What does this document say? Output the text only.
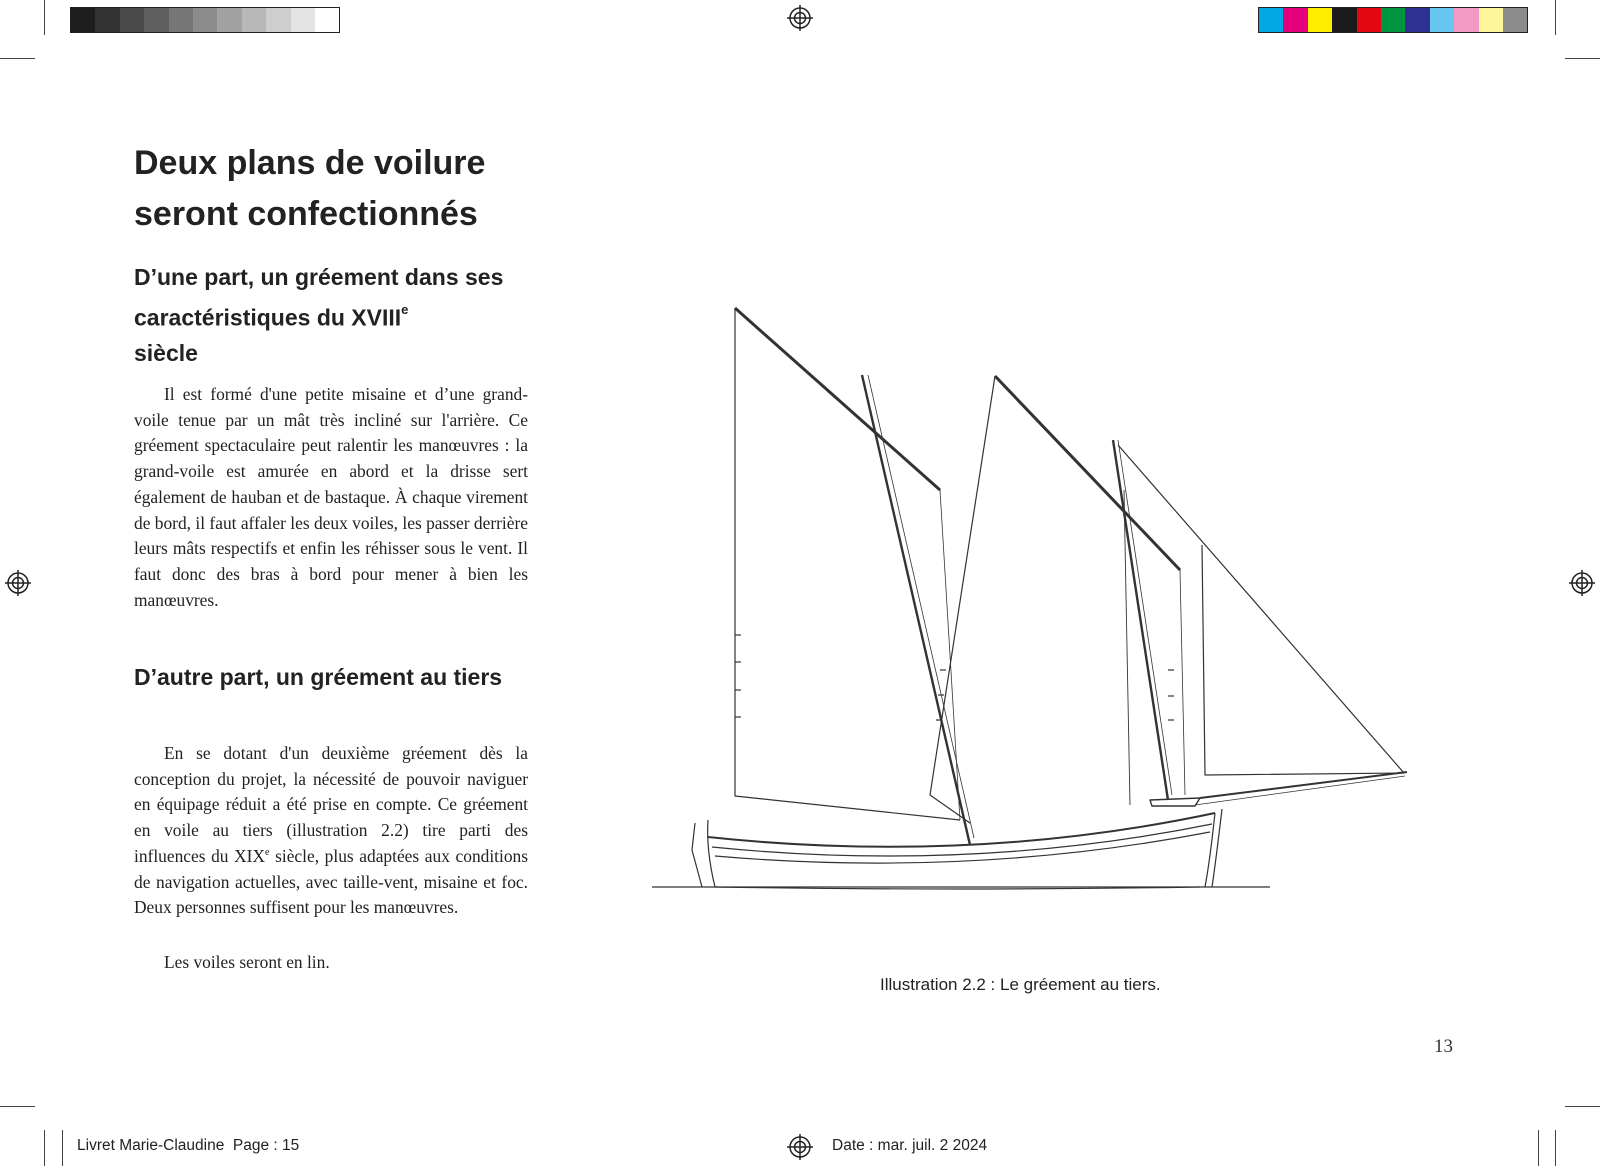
Deux plans de voilure seront confectionnés
D’une part, un gréement dans ses caractéristiques du XVIIIe
siècle

Il est formé d'une petite misaine et d’une grand-voile tenue par un mât très incliné sur l'arrière. Ce gréement spectaculaire peut ralentir les manœuvres : la grand-voile est amurée en abord et la drisse sert également de hauban et de bastaque. À chaque virement de bord, il faut affaler les deux voiles, les passer derrière leurs mâts respectifs et enfin les réhisser sous le vent. Il faut donc des bras à bord pour mener à bien les manœuvres.

D’autre part, un gréement au tiers

En se dotant d'un deuxième gréement dès la conception du projet, la nécessité de pouvoir naviguer en équipage réduit a été prise en compte. Ce gréement en voile au tiers (illustration 2.2) tire parti des influences du XIXe siècle, plus adaptées aux conditions de navigation actuelles, avec taille-vent, misaine et foc. Deux personnes suffisent pour les manœuvres.

Les voiles seront en lin.

Illustration 2.2 : Le gréement au tiers.
13
Livret Marie-Claudine  Page : 15	Date : mar. juil. 2 2024
